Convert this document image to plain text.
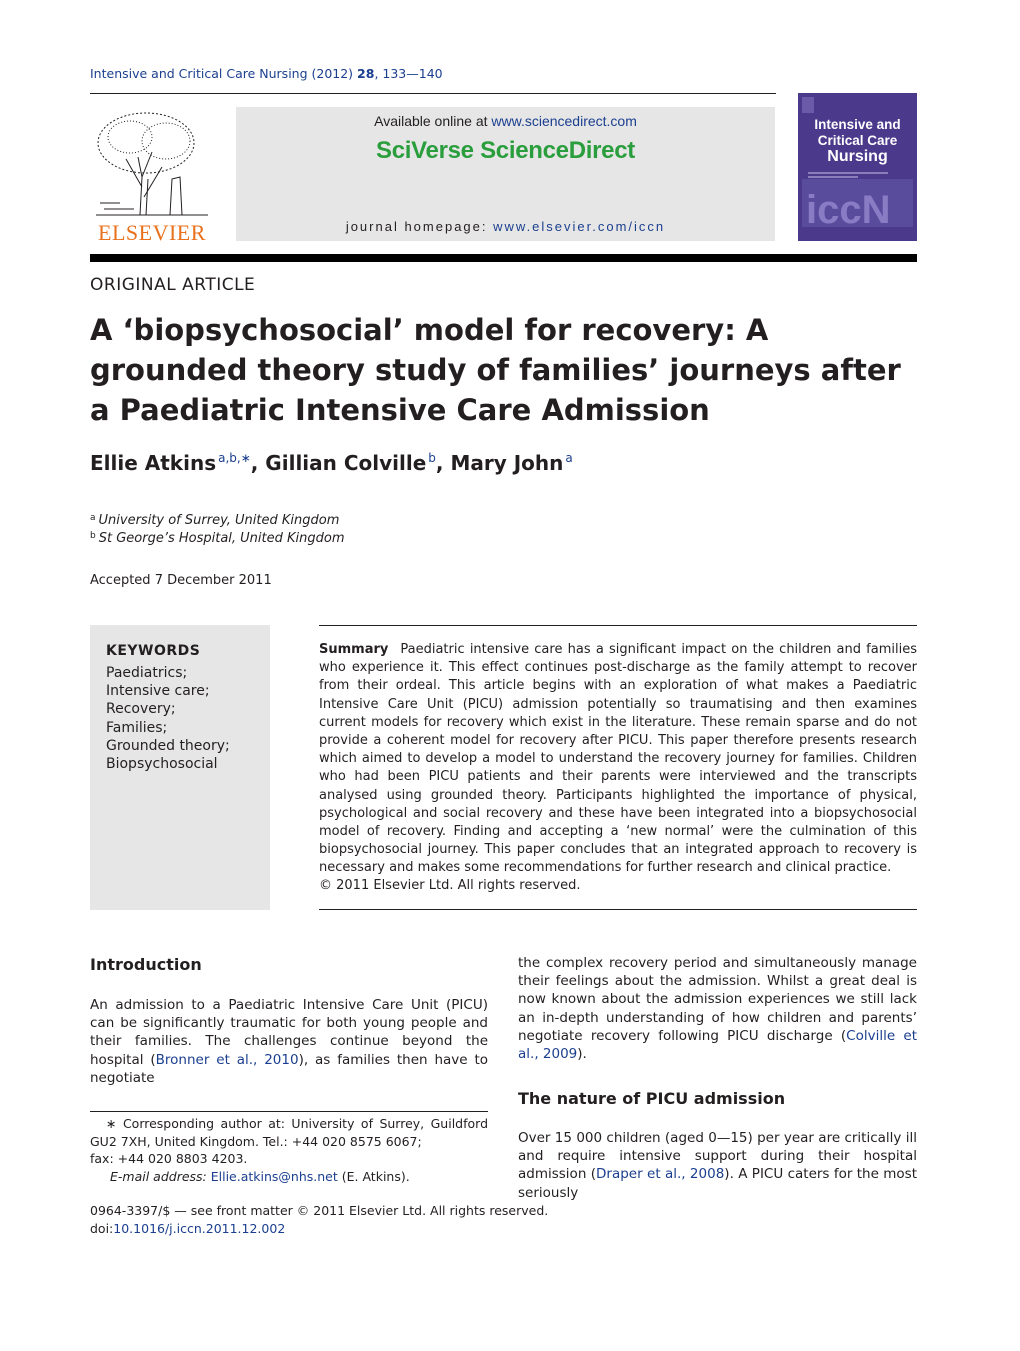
Intensive and Critical Care Nursing (2012) 28, 133—140
ELSEVIER
Available online at www.sciencedirect.com
SciVerse ScienceDirect
journal homepage: www.elsevier.com/iccn	iccN
Intensive and
Critical Care
Nursing
ORIGINAL ARTICLE
A ‘biopsychosocial’ model for recovery: A grounded theory study of families’ journeys after a Paediatric Intensive Care Admission
Ellie Atkins $^{a,b,∗}$, Gillian Colville $^b$, Mary John $^a$
$^a$ University of Surrey, United Kingdom
$^b$ St George’s Hospital, United Kingdom
Accepted 7 December 2011
KEYWORDS
Paediatrics;
Intensive care;
Recovery;
Families;
Grounded theory;
Biopsychosocial
Summary Paediatric intensive care has a significant impact on the children and families who experience it. This effect continues post-discharge as the family attempt to recover from their ordeal. This article begins with an exploration of what makes a Paediatric Intensive Care Unit (PICU) admission potentially so traumatising and then examines current models for recovery which exist in the literature. These remain sparse and do not provide a coherent model for recovery after PICU. This paper therefore presents research which aimed to develop a model to understand the recovery journey for families. Children who had been PICU patients and their parents were interviewed and the transcripts analysed using grounded theory. Participants highlighted the importance of physical, psychological and social recovery and these have been integrated into a biopsychosocial model of recovery. Finding and accepting a ‘new normal’ were the culmination of this biopsychosocial journey. This paper concludes that an integrated approach to recovery is necessary and makes some recommendations for further research and clinical practice.
© 2011 Elsevier Ltd. All rights reserved.
Introduction
An admission to a Paediatric Intensive Care Unit (PICU) can be significantly traumatic for both young people and their families. The challenges continue beyond the hospital (Bronner et al., 2010), as families then have to negotiate
the complex recovery period and simultaneously manage their feelings about the admission. Whilst a great deal is now known about the admission experiences we still lack an in-depth understanding of how children and parents’ negotiate recovery following PICU discharge (Colville et al., 2009).
The nature of PICU admission
Over 15 000 children (aged 0—15) per year are critically ill and require intensive support during their hospital admission (Draper et al., 2008). A PICU caters for the most seriously
∗ Corresponding author at: University of Surrey, Guildford GU2 7XH, United Kingdom. Tel.: +44 020 8575 6067;
fax: +44 020 8803 4203.
E-mail address: Ellie.atkins@nhs.net (E. Atkins).
0964-3397/$ — see front matter © 2011 Elsevier Ltd. All rights reserved.
doi:10.1016/j.iccn.2011.12.002
